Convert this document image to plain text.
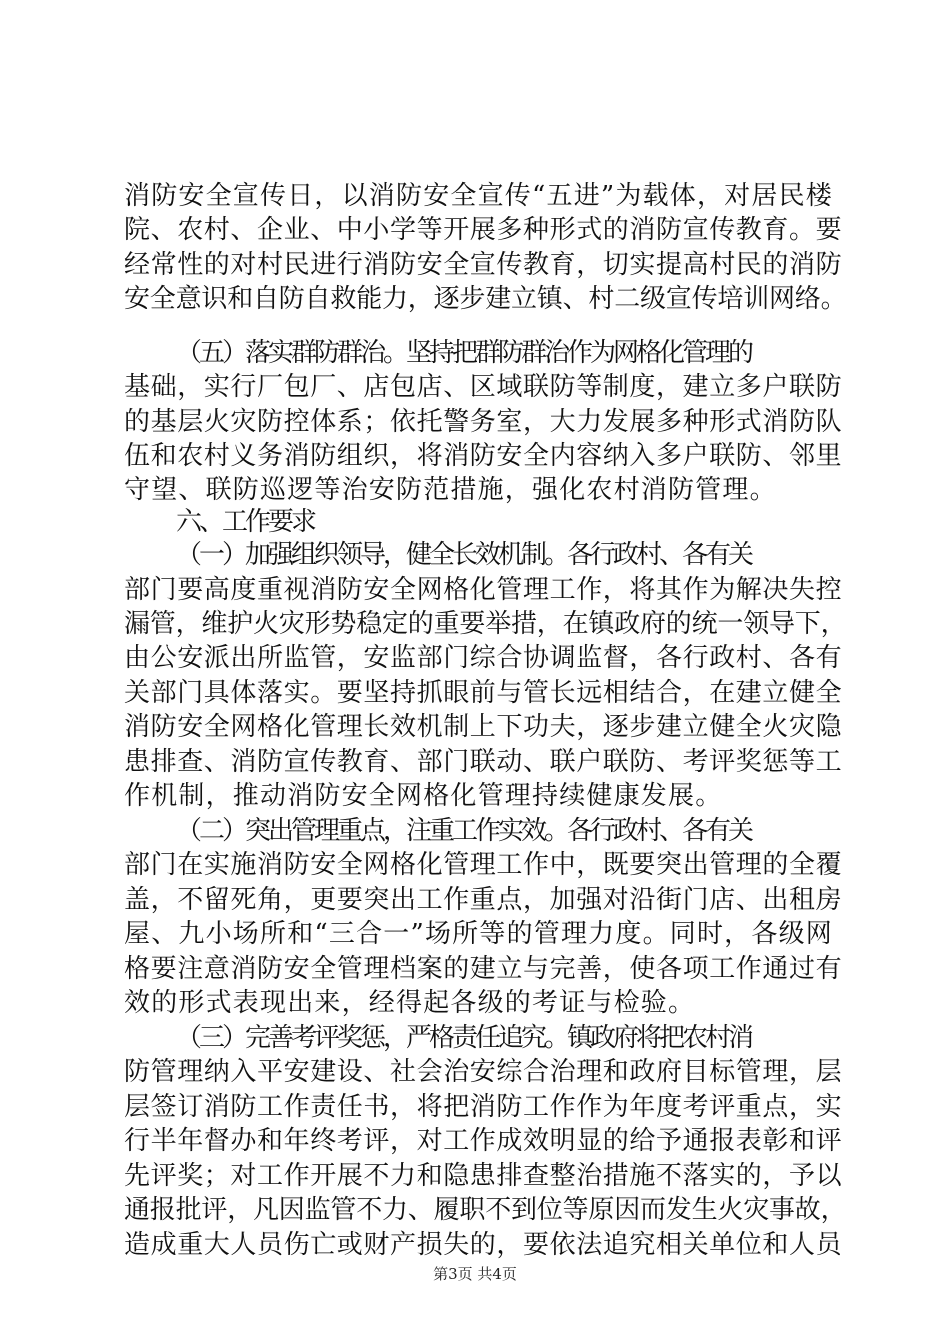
消防安全宣传日，以消防安全宣传“五进”为载体，对居民楼
院、农村、企业、中小学等开展多种形式的消防宣传教育。要
经常性的对村民进行消防安全宣传教育，切实提高村民的消防
安全意识和自防自救能力，逐步建立镇、村二级宣传培训网络。
（五）落实群防群治。坚持把群防群治作为网格化管理的
基础，实行厂包厂、店包店、区域联防等制度，建立多户联防
的基层火灾防控体系；依托警务室，大力发展多种形式消防队
伍和农村义务消防组织，将消防安全内容纳入多户联防、邻里
守望、联防巡逻等治安防范措施，强化农村消防管理。
六、工作要求
（一）加强组织领导，健全长效机制。各行政村、各有关
部门要高度重视消防安全网格化管理工作，将其作为解决失控
漏管，维护火灾形势稳定的重要举措，在镇政府的统一领导下，
由公安派出所监管，安监部门综合协调监督，各行政村、各有
关部门具体落实。要坚持抓眼前与管长远相结合，在建立健全
消防安全网格化管理长效机制上下功夫，逐步建立健全火灾隐
患排查、消防宣传教育、部门联动、联户联防、考评奖惩等工
作机制，推动消防安全网格化管理持续健康发展。
（二）突出管理重点，注重工作实效。各行政村、各有关
部门在实施消防安全网格化管理工作中，既要突出管理的全覆
盖，不留死角，更要突出工作重点，加强对沿街门店、出租房
屋、九小场所和“三合一”场所等的管理力度。同时，各级网
格要注意消防安全管理档案的建立与完善，使各项工作通过有
效的形式表现出来，经得起各级的考证与检验。
（三）完善考评奖惩，严格责任追究。镇政府将把农村消
防管理纳入平安建设、社会治安综合治理和政府目标管理，层
层签订消防工作责任书，将把消防工作作为年度考评重点，实
行半年督办和年终考评，对工作成效明显的给予通报表彰和评
先评奖；对工作开展不力和隐患排查整治措施不落实的，予以
通报批评，凡因监管不力、履职不到位等原因而发生火灾事故，
造成重大人员伤亡或财产损失的，要依法追究相关单位和人员
第3页 共4页
